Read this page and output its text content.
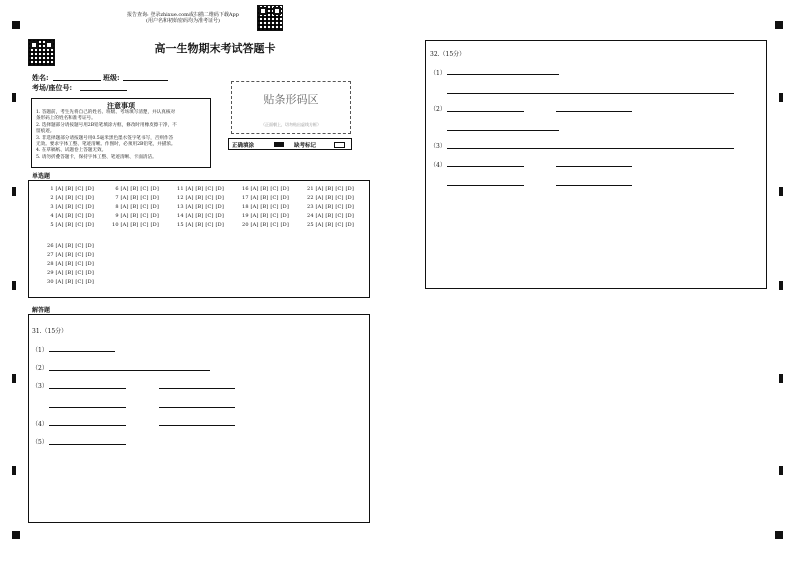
报告查询: 登录zhixue.com或扫描二维码下载App
(用户名和初始密码均为准考证号)
高一生物期末考试答题卡
姓名:	班级:
考场/座位号:
注意事项
1. 答题前，考生先将自己的姓名、班级、考场填写清楚，并认真核对
条形码上的姓名和准考证号。
2. 选择题部分请按题号用2B铅笔填涂方框，修改时用橡皮擦干净，不
留痕迹。
3. 非选择题部分请按题号用0.5毫米黑色墨水签字笔书写，否则作答
无效。要求字体工整、笔迹清晰。作图时，必须用2B铅笔，并描浓。
4. 在草稿纸、试题卷上答题无效。
5. 请勿折叠答题卡，保持字体工整、笔迹清晰、卡面清洁。
贴条形码区
（正面朝上，切勿贴出虚线方框）
正确填涂	缺考标记
单选题
1 [A] [B] [C] [D]
2 [A] [B] [C] [D]
3 [A] [B] [C] [D]
4 [A] [B] [C] [D]
5 [A] [B] [C] [D]
6 [A] [B] [C] [D]
7 [A] [B] [C] [D]
8 [A] [B] [C] [D]
9 [A] [B] [C] [D]
10 [A] [B] [C] [D]
11 [A] [B] [C] [D]
12 [A] [B] [C] [D]
13 [A] [B] [C] [D]
14 [A] [B] [C] [D]
15 [A] [B] [C] [D]
16 [A] [B] [C] [D]
17 [A] [B] [C] [D]
18 [A] [B] [C] [D]
19 [A] [B] [C] [D]
20 [A] [B] [C] [D]
21 [A] [B] [C] [D]
22 [A] [B] [C] [D]
23 [A] [B] [C] [D]
24 [A] [B] [C] [D]
25 [A] [B] [C] [D]
26 [A] [B] [C] [D]
27 [A] [B] [C] [D]
28 [A] [B] [C] [D]
29 [A] [B] [C] [D]
30 [A] [B] [C] [D]
解答题
31.（15分）
（1）
（2）
（3）
（4）
（5）
32.（15分）
（1）
（2）
（3）
（4）
